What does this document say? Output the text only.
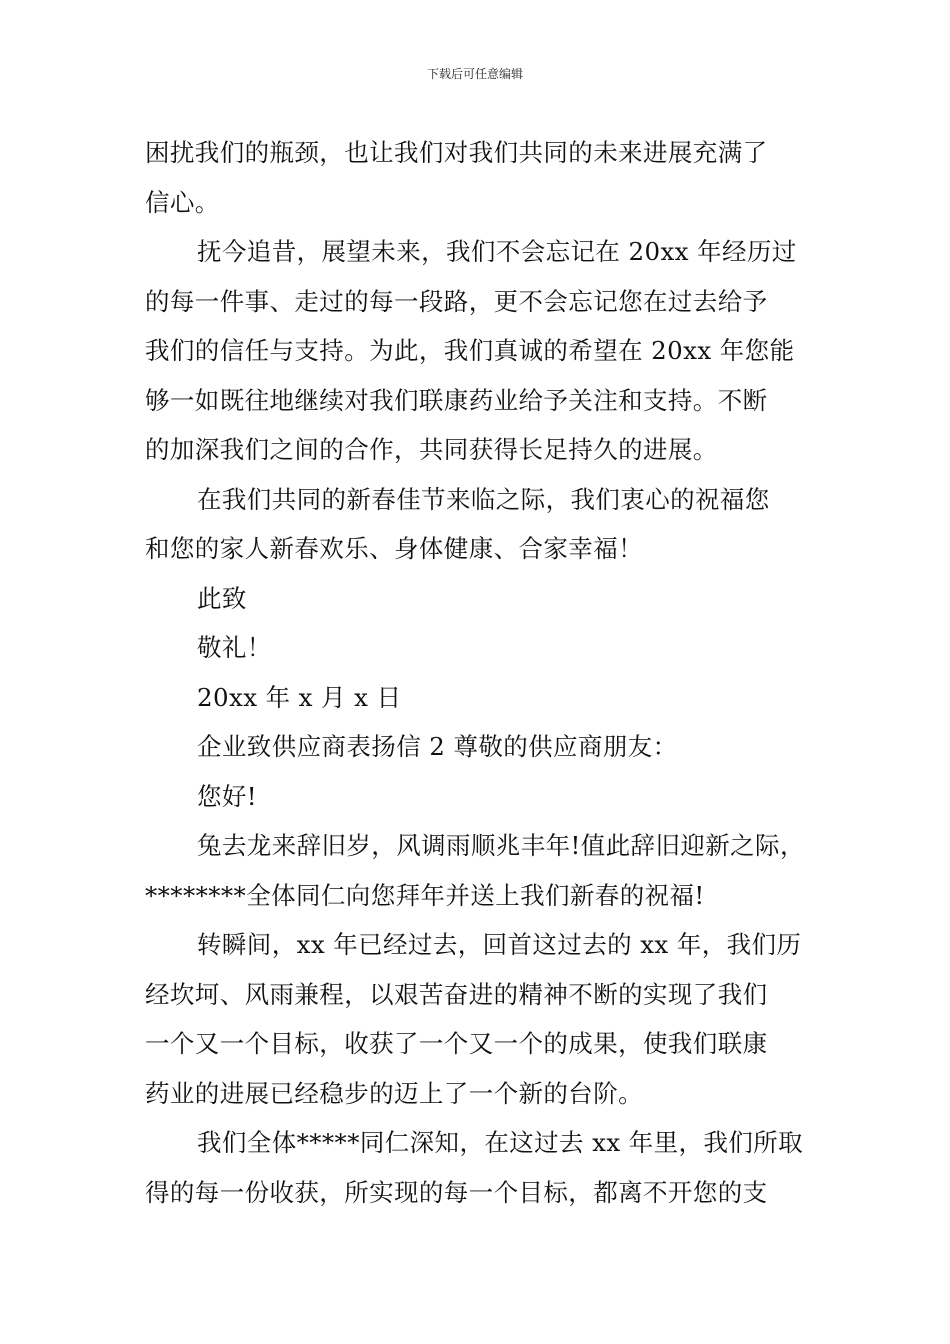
下载后可任意编辑
困扰我们的瓶颈，也让我们对我们共同的未来进展充满了
信心。
抚今追昔，展望未来，我们不会忘记在 20xx 年经历过
的每一件事、走过的每一段路，更不会忘记您在过去给予
我们的信任与支持。为此，我们真诚的希望在 20xx 年您能
够一如既往地继续对我们联康药业给予关注和支持。不断
的加深我们之间的合作，共同获得长足持久的进展。
在我们共同的新春佳节来临之际，我们衷心的祝福您
和您的家人新春欢乐、身体健康、合家幸福！
此致
敬礼！
20xx 年 x 月 x 日
企业致供应商表扬信 2 尊敬的供应商朋友：
您好!
兔去龙来辞旧岁，风调雨顺兆丰年!值此辞旧迎新之际，
********全体同仁向您拜年并送上我们新春的祝福!
转瞬间，xx 年已经过去，回首这过去的 xx 年，我们历
经坎坷、风雨兼程，以艰苦奋进的精神不断的实现了我们
一个又一个目标，收获了一个又一个的成果，使我们联康
药业的进展已经稳步的迈上了一个新的台阶。
我们全体*****同仁深知，在这过去 xx 年里，我们所取
得的每一份收获，所实现的每一个目标，都离不开您的支
